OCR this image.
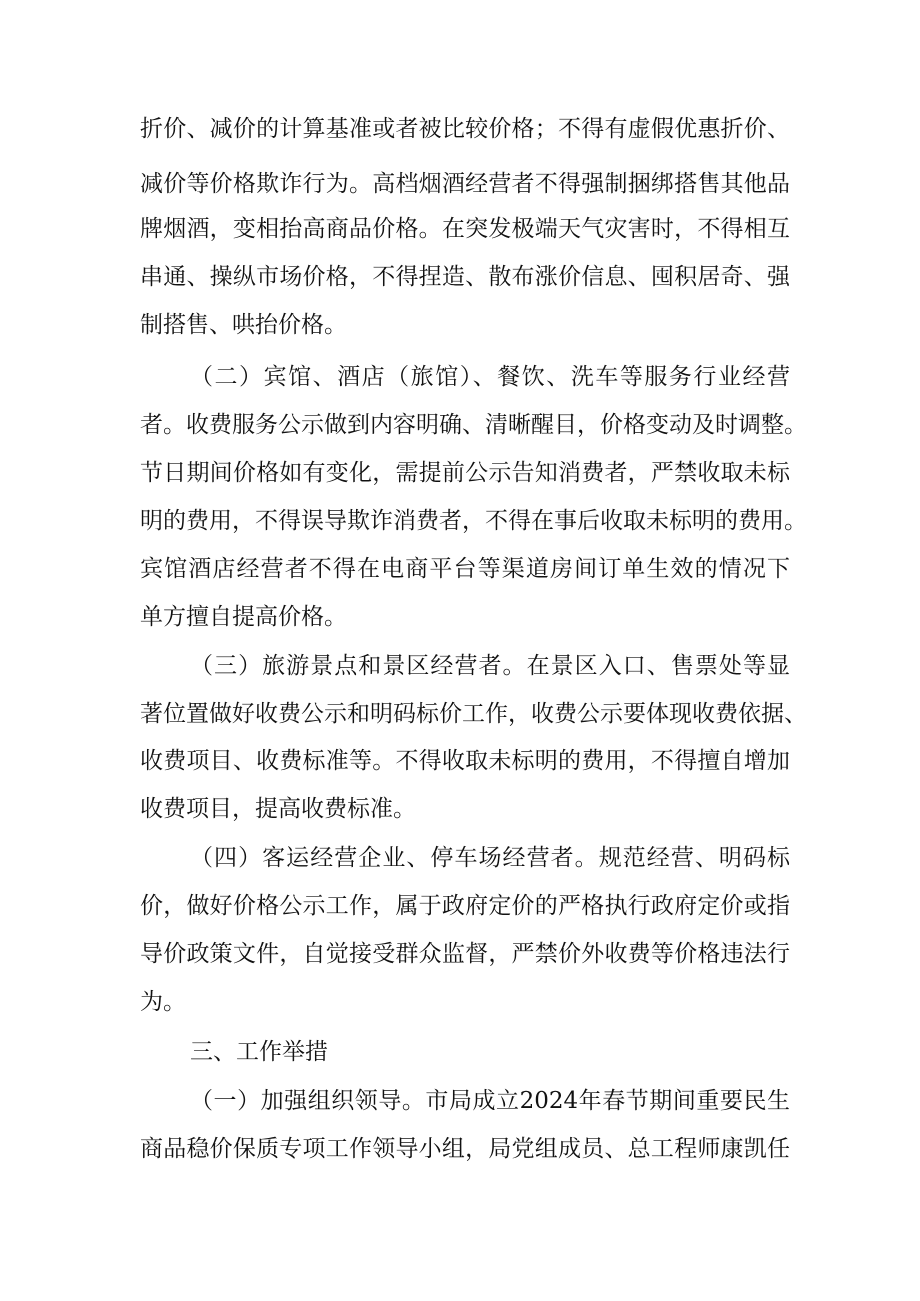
折价、减价的计算基准或者被比较价格；不得有虚假优惠折价、
减价等价格欺诈行为。高档烟酒经营者不得强制捆绑搭售其他品
牌烟酒，变相抬高商品价格。在突发极端天气灾害时，不得相互
串通、操纵市场价格，不得捏造、散布涨价信息、囤积居奇、强
制搭售、哄抬价格。
（二）宾馆、酒店（旅馆）、餐饮、洗车等服务行业经营
者。收费服务公示做到内容明确、清晰醒目，价格变动及时调整。
节日期间价格如有变化，需提前公示告知消费者，严禁收取未标
明的费用，不得误导欺诈消费者，不得在事后收取未标明的费用。
宾馆酒店经营者不得在电商平台等渠道房间订单生效的情况下
单方擅自提高价格。
（三）旅游景点和景区经营者。在景区入口、售票处等显
著位置做好收费公示和明码标价工作，收费公示要体现收费依据、
收费项目、收费标准等。不得收取未标明的费用，不得擅自增加
收费项目，提高收费标准。
（四）客运经营企业、停车场经营者。规范经营、明码标
价，做好价格公示工作，属于政府定价的严格执行政府定价或指
导价政策文件，自觉接受群众监督，严禁价外收费等价格违法行
为。
三、工作举措
（一）加强组织领导。市局成立2024年春节期间重要民生
商品稳价保质专项工作领导小组，局党组成员、总工程师康凯任
